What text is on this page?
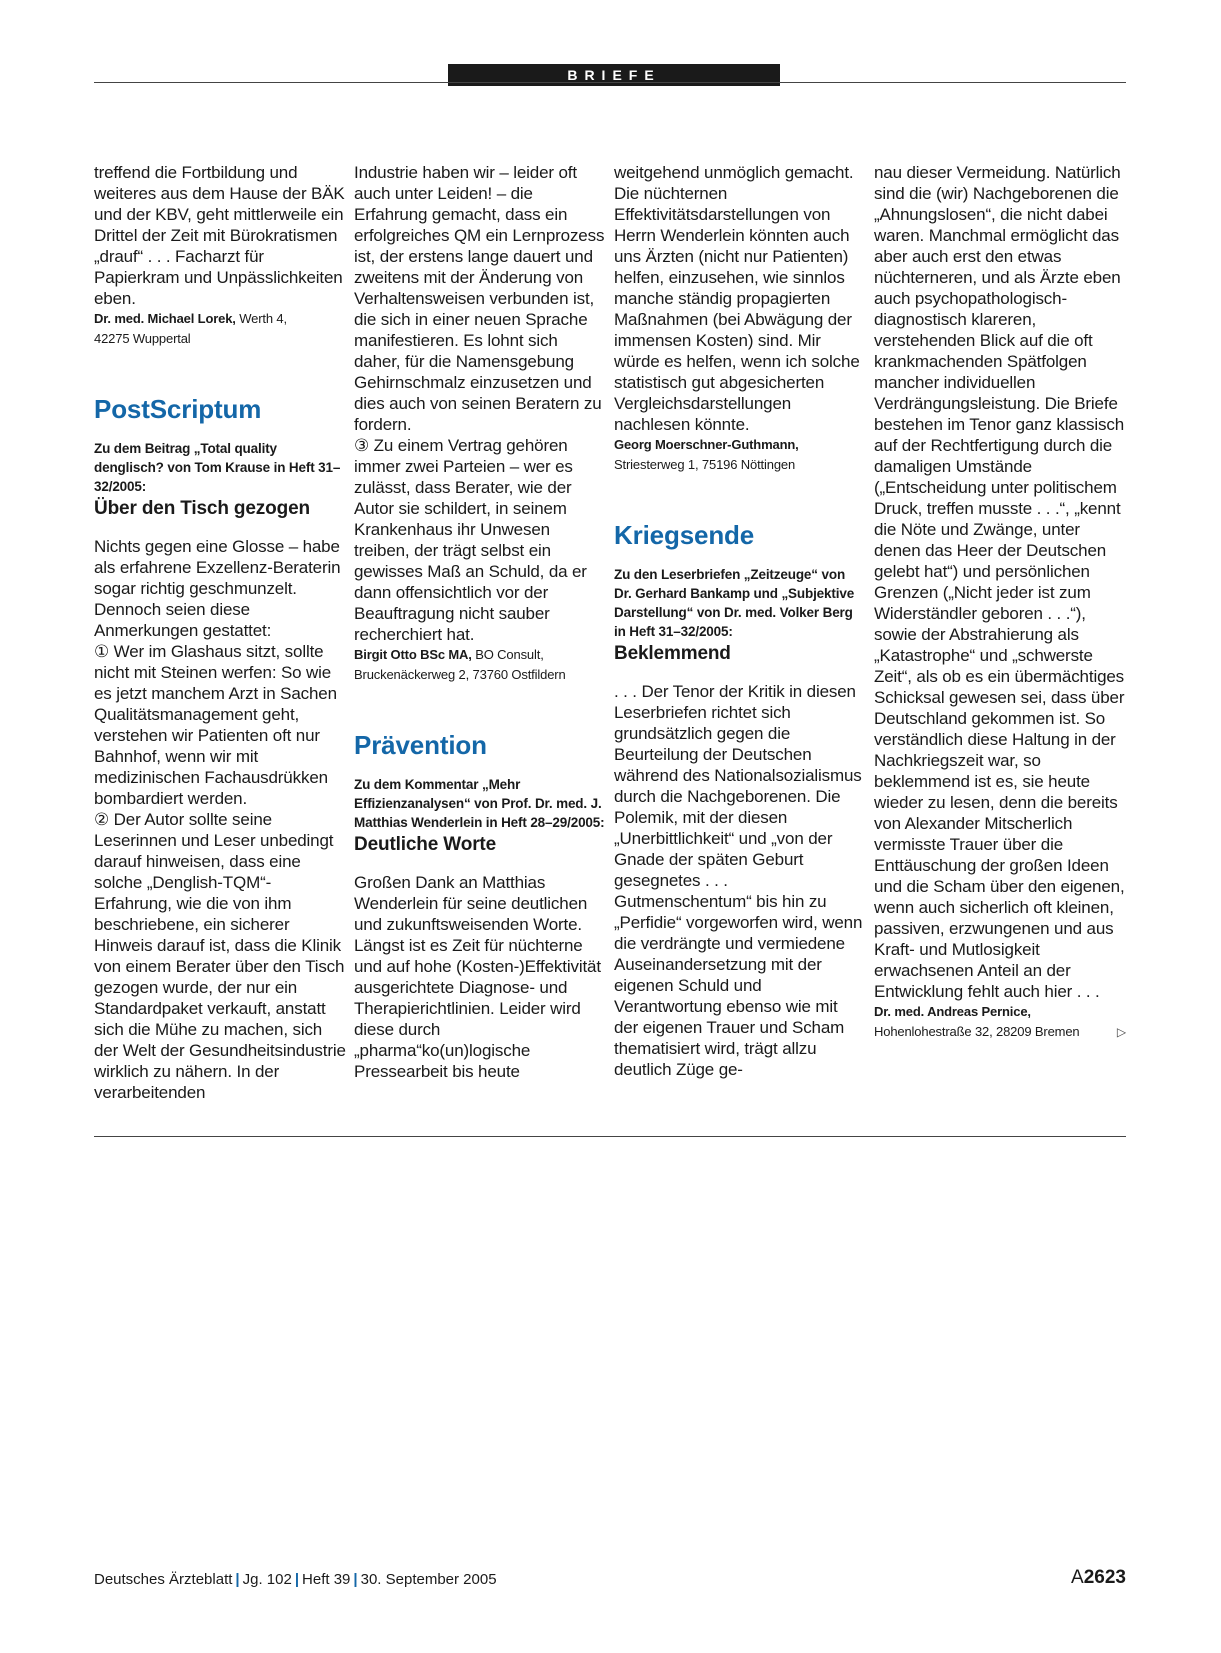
BRIEFE

treffend die Fortbildung und weiteres aus dem Hause der BÄK und der KBV, geht mittlerweile ein Drittel der Zeit mit Bürokratismen „drauf“ . . . Facharzt für Papierkram und Unpässlichkeiten eben.

Dr. med. Michael Lorek, Werth 4,

42275 Wuppertal

PostScriptum

Zu dem Beitrag „Total quality denglisch? von Tom Krause in Heft 31–32/2005:

Über den Tisch gezogen

Nichts gegen eine Glosse – habe als erfahrene Exzellenz-Beraterin sogar richtig geschmunzelt. Dennoch seien diese Anmerkungen gestattet:

① Wer im Glashaus sitzt, sollte nicht mit Steinen werfen: So wie es jetzt manchem Arzt in Sachen Qualitätsmanagement geht, verstehen wir Patienten oft nur Bahnhof, wenn wir mit medizinischen Fachausdrükken bombardiert werden.

② Der Autor sollte seine Leserinnen und Leser unbedingt darauf hinweisen, dass eine solche „Denglish-TQM“-Erfahrung, wie die von ihm beschriebene, ein sicherer Hinweis darauf ist, dass die Klinik von einem Berater über den Tisch gezogen wurde, der nur ein Standardpaket verkauft, anstatt sich die Mühe zu machen, sich der Welt der Gesundheitsindustrie wirklich zu nähern. In der verarbeitenden

Industrie haben wir – leider oft auch unter Leiden! – die Erfahrung gemacht, dass ein erfolgreiches QM ein Lernprozess ist, der erstens lange dauert und zweitens mit der Änderung von Verhaltensweisen verbunden ist, die sich in einer neuen Sprache manifestieren. Es lohnt sich daher, für die Namensgebung Gehirnschmalz einzusetzen und dies auch von seinen Beratern zu fordern.

③ Zu einem Vertrag gehören immer zwei Parteien – wer es zulässt, dass Berater, wie der Autor sie schildert, in seinem Krankenhaus ihr Unwesen treiben, der trägt selbst ein gewisses Maß an Schuld, da er dann offensichtlich vor der Beauftragung nicht sauber recherchiert hat.

Birgit Otto BSc MA, BO Consult,

Bruckenäckerweg 2, 73760 Ostfildern

Prävention

Zu dem Kommentar „Mehr Effizienzanalysen“ von Prof. Dr. med. J. Matthias Wenderlein in Heft 28–29/2005:

Deutliche Worte

Großen Dank an Matthias Wenderlein für seine deutlichen und zukunftsweisenden Worte. Längst ist es Zeit für nüchterne und auf hohe (Kosten-)Effektivität ausgerichtete Diagnose- und Therapierichtlinien. Leider wird diese durch „pharma“ko(un)logische Pressearbeit bis heute

weitgehend unmöglich gemacht. Die nüchternen Effektivitätsdarstellungen von Herrn Wenderlein könnten auch uns Ärzten (nicht nur Patienten) helfen, einzusehen, wie sinnlos manche ständig propagierten Maßnahmen (bei Abwägung der immensen Kosten) sind. Mir würde es helfen, wenn ich solche statistisch gut abgesicherten Vergleichsdarstellungen nachlesen könnte.

Georg Moerschner-Guthmann,

Striesterweg 1, 75196 Nöttingen

Kriegsende

Zu den Leserbriefen „Zeitzeuge“ von Dr. Gerhard Bankamp und „Subjektive Darstellung“ von Dr. med. Volker Berg in Heft 31–32/2005:

Beklemmend

. . . Der Tenor der Kritik in diesen Leserbriefen richtet sich grundsätzlich gegen die Beurteilung der Deutschen während des Nationalsozialismus durch die Nachgeborenen. Die Polemik, mit der diesen „Unerbittlichkeit“ und „von der Gnade der späten Geburt gesegnetes . . . Gutmenschentum“ bis hin zu „Perfidie“ vorgeworfen wird, wenn die verdrängte und vermiedene Auseinandersetzung mit der eigenen Schuld und Verantwortung ebenso wie mit der eigenen Trauer und Scham thematisiert wird, trägt allzu deutlich Züge ge-

nau dieser Vermeidung. Natürlich sind die (wir) Nachgeborenen die „Ahnungslosen“, die nicht dabei waren. Manchmal ermöglicht das aber auch erst den etwas nüchterneren, und als Ärzte eben auch psychopathologisch-diagnostisch klareren, verstehenden Blick auf die oft krankmachenden Spätfolgen mancher individuellen Verdrängungsleistung. Die Briefe bestehen im Tenor ganz klassisch auf der Rechtfertigung durch die damaligen Umstände („Entscheidung unter politischem Druck, treffen musste . . .“, „kennt die Nöte und Zwänge, unter denen das Heer der Deutschen gelebt hat“) und persönlichen Grenzen („Nicht jeder ist zum Widerständler geboren . . .“), sowie der Abstrahierung als „Katastrophe“ und „schwerste Zeit“, als ob es ein übermächtiges Schicksal gewesen sei, dass über Deutschland gekommen ist. So verständlich diese Haltung in der Nachkriegszeit war, so beklemmend ist es, sie heute wieder zu lesen, denn die bereits von Alexander Mitscherlich vermisste Trauer über die Enttäuschung der großen Ideen und die Scham über den eigenen, wenn auch sicherlich oft kleinen, passiven, erzwungenen und aus Kraft- und Mutlosigkeit erwachsenen Anteil an der Entwicklung fehlt auch hier . . .

Dr. med. Andreas Pernice,

Hohenlohestraße 32, 28209 Bremen	▷

Deutsches Ärzteblatt | Jg. 102 | Heft 39 | 30. September 2005	A2623
